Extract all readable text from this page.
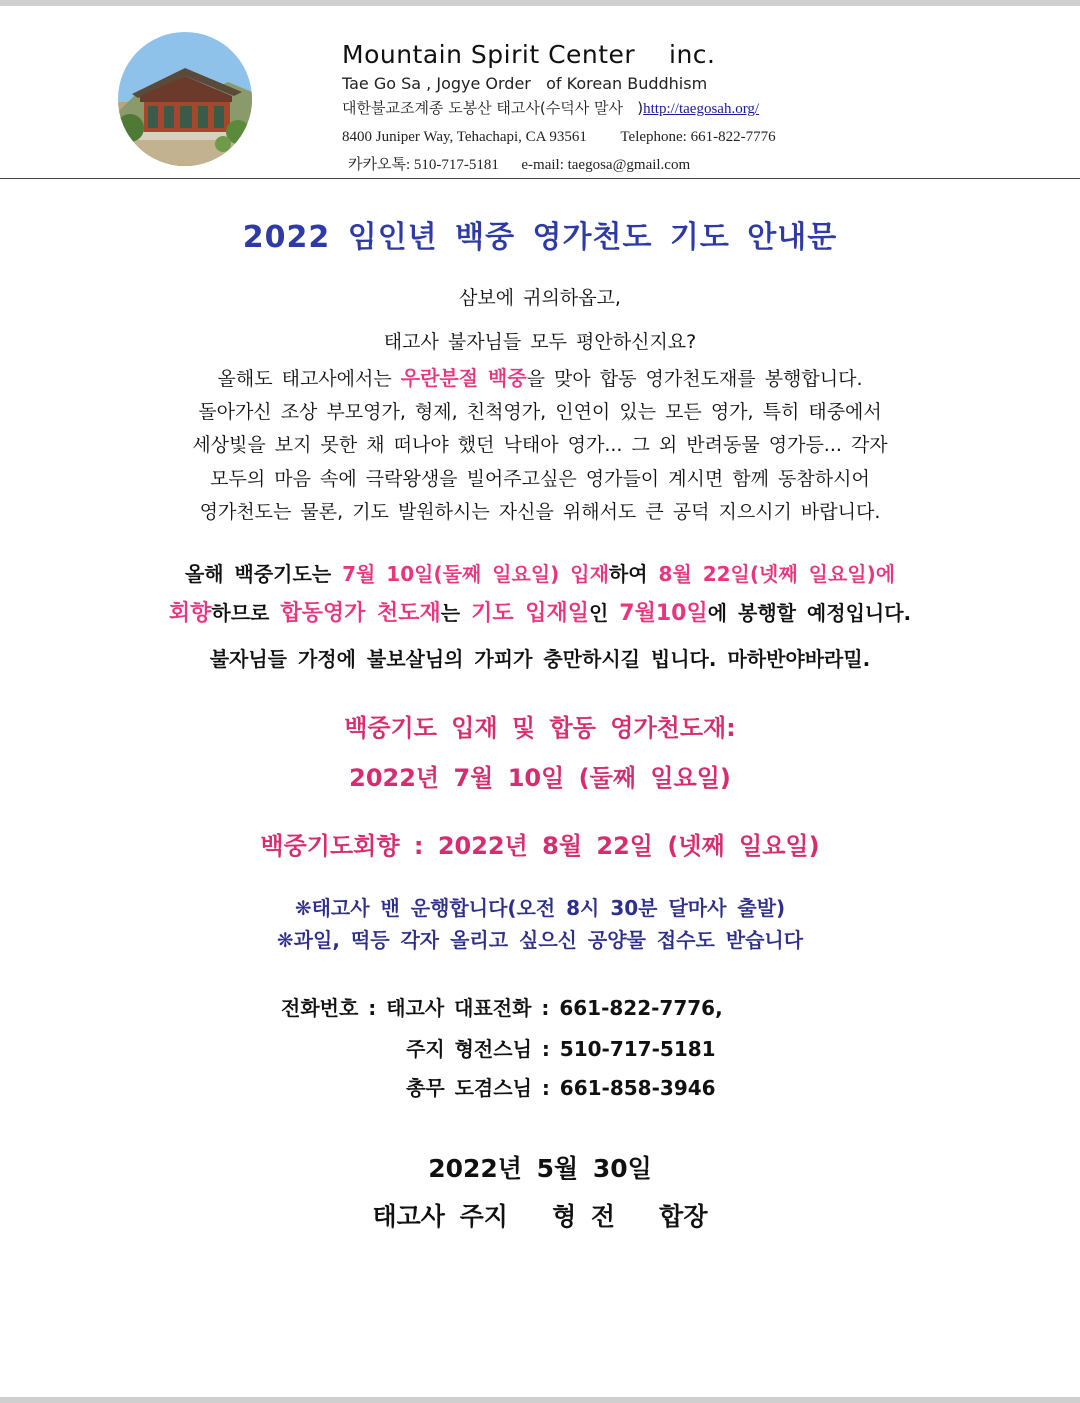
Mountain Spirit Center    inc.
Tae Go Sa , Jogye Order   of Korean Buddhism
대한불교조계종 도봉산 태고사(수덕사 말사   )http://taegosah.org/
8400 Juniper Way, Tehachapi, CA 93561 Telephone: 661-822-7776
카카오톡: 510-717-5181 e-mail: taegosa@gmail.com
2022 임인년 백중 영가천도 기도 안내문
삼보에 귀의하옵고,
태고사 불자님들 모두 평안하신지요?
올해도 태고사에서는 우란분절 백중을 맞아 합동 영가천도재를 봉행합니다.
돌아가신 조상 부모영가, 형제, 친척영가, 인연이 있는 모든 영가, 특히 태중에서
세상빛을 보지 못한 채 떠나야 했던 낙태아 영가... 그 외 반려동물 영가등... 각자
모두의 마음 속에 극락왕생을 빌어주고싶은 영가들이 계시면 함께 동참하시어
영가천도는 물론, 기도 발원하시는 자신을 위해서도 큰 공덕 지으시기 바랍니다.
올해 백중기도는 7월 10일(둘째 일요일) 입재하여 8월 22일(넷째 일요일)에
회향하므로 합동영가 천도재는 기도 입재일인 7월10일에 봉행할 예정입니다.
불자님들 가정에 불보살님의 가피가 충만하시길 빕니다. 마하반야바라밀.
백중기도 입재 및 합동 영가천도재:
2022년 7월 10일 (둘째 일요일)
백중기도회향 : 2022년 8월 22일 (넷째 일요일)
❋태고사 밴 운행합니다(오전 8시 30분 달마사 출발)
❋과일, 떡등 각자 올리고 싶으신 공양물 접수도 받습니다
전화번호 : 태고사 대표전화 : 661-822-7776,
주지 형전스님 : 510-717-5181
총무 도겸스님 : 661-858-3946
2022년 5월 30일
태고사 주지   형 전   합장
